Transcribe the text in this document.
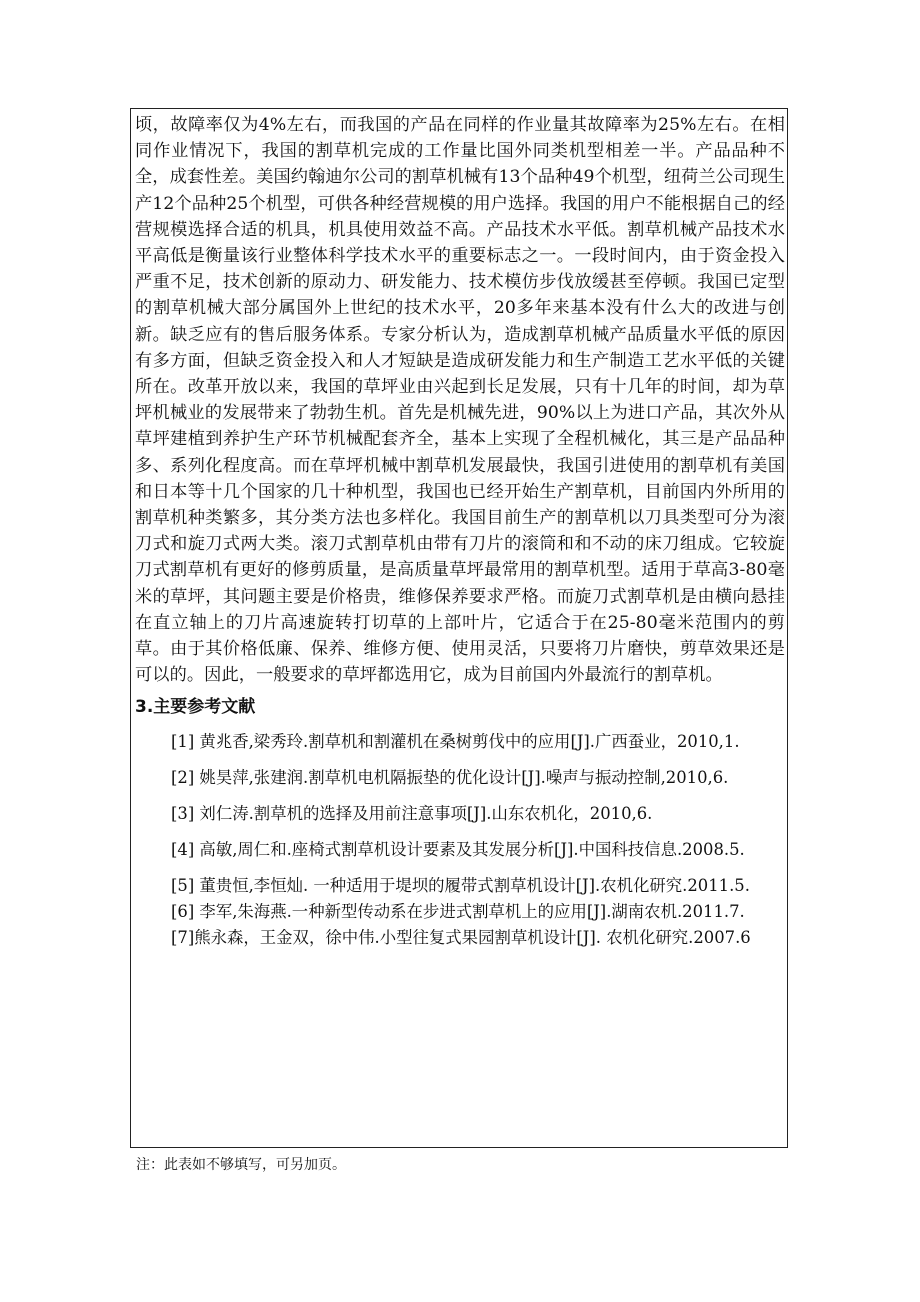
顷，故障率仅为4%左右，而我国的产品在同样的作业量其故障率为25%左右。在相同作业情况下，我国的割草机完成的工作量比国外同类机型相差一半。产品品种不全，成套性差。美国约翰迪尔公司的割草机械有13个品种49个机型，纽荷兰公司现生产12个品种25个机型，可供各种经营规模的用户选择。我国的用户不能根据自己的经营规模选择合适的机具，机具使用效益不高。产品技术水平低。割草机械产品技术水平高低是衡量该行业整体科学技术水平的重要标志之一。一段时间内，由于资金投入严重不足，技术创新的原动力、研发能力、技术模仿步伐放缓甚至停顿。我国已定型的割草机械大部分属国外上世纪的技术水平，20多年来基本没有什么大的改进与创新。缺乏应有的售后服务体系。专家分析认为，造成割草机械产品质量水平低的原因有多方面，但缺乏资金投入和人才短缺是造成研发能力和生产制造工艺水平低的关键所在。改革开放以来，我国的草坪业由兴起到长足发展，只有十几年的时间，却为草坪机械业的发展带来了勃勃生机。首先是机械先进，90%以上为进口产品，其次外从草坪建植到养护生产环节机械配套齐全，基本上实现了全程机械化，其三是产品品种多、系列化程度高。而在草坪机械中割草机发展最快，我国引进使用的割草机有美国和日本等十几个国家的几十种机型，我国也已经开始生产割草机，目前国内外所用的割草机种类繁多，其分类方法也多样化。我国目前生产的割草机以刀具类型可分为滚刀式和旋刀式两大类。滚刀式割草机由带有刀片的滚筒和和不动的床刀组成。它较旋刀式割草机有更好的修剪质量，是高质量草坪最常用的割草机型。适用于草高3-80毫米的草坪，其问题主要是价格贵，维修保养要求严格。而旋刀式割草机是由横向悬挂在直立轴上的刀片高速旋转打切草的上部叶片，它适合于在25-80毫米范围内的剪草。由于其价格低廉、保养、维修方便、使用灵活，只要将刀片磨快，剪草效果还是可以的。因此，一般要求的草坪都选用它，成为目前国内外最流行的割草机。

3.主要参考文献
[1] 黄兆香,梁秀玲.割草机和割灌机在桑树剪伐中的应用[J].广西蚕业，2010,1.
[2] 姚昊萍,张建润.割草机电机隔振垫的优化设计[J].噪声与振动控制,2010,6.
[3] 刘仁涛.割草机的选择及用前注意事项[J].山东农机化，2010,6.
[4] 高敏,周仁和.座椅式割草机设计要素及其发展分析[J].中国科技信息.2008.5.
[5] 董贵恒,李恒灿. 一种适用于堤坝的履带式割草机设计[J].农机化研究.2011.5.
[6] 李军,朱海燕.一种新型传动系在步进式割草机上的应用[J].湖南农机.2011.7.
[7]熊永森，王金双，徐中伟.小型往复式果园割草机设计[J]. 农机化研究.2007.6
注：此表如不够填写，可另加页。
